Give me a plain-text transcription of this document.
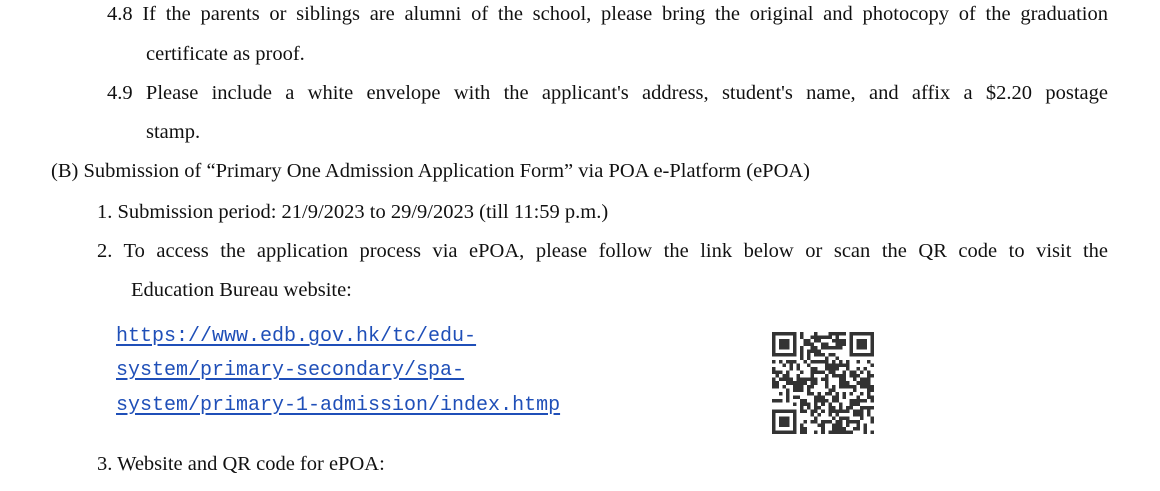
4.8 If the parents or siblings are alumni of the school, please bring the original and photocopy of the graduation
certificate as proof.
4.9 Please include a white envelope with the applicant's address, student's name, and affix a $2.20 postage
stamp.
(B) Submission of “Primary One Admission Application Form” via POA e-Platform (ePOA)
1. Submission period: 21/9/2023 to 29/9/2023 (till 11:59 p.m.)
2. To access the application process via ePOA, please follow the link below or scan the QR code to visit the
Education Bureau website:
https://www.edb.gov.hk/tc/edu-
system/primary-secondary/spa-
system/primary-1-admission/index.htmp
3. Website and QR code for ePOA:
